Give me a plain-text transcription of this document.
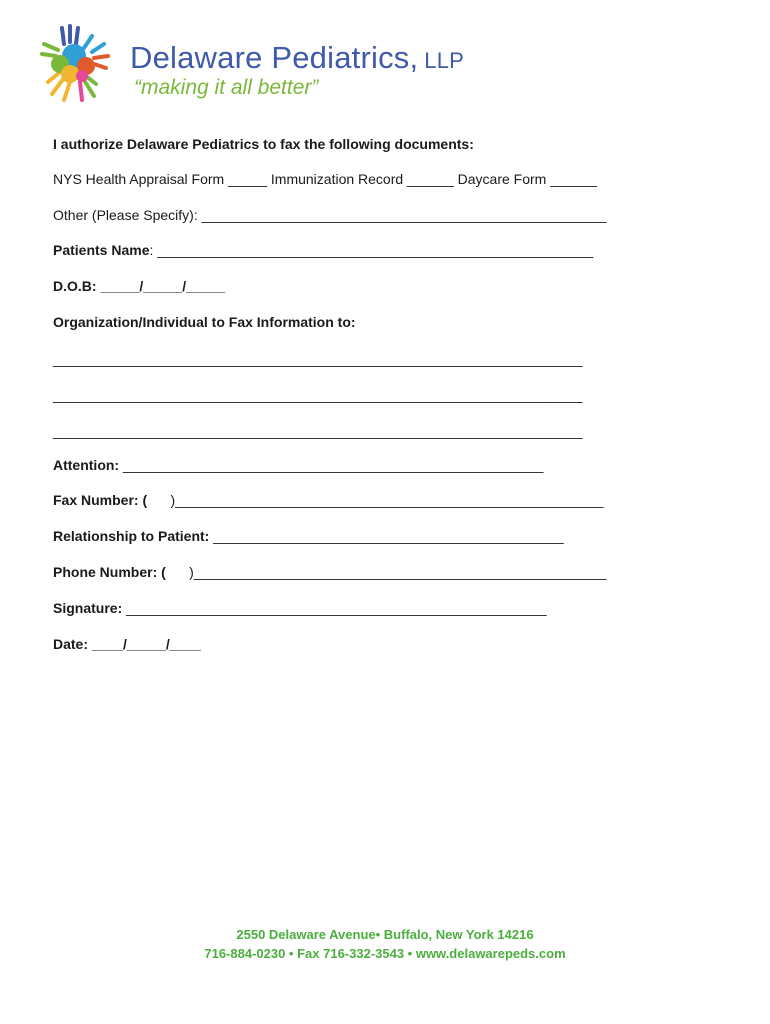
Delaware Pediatrics, LLP
“making it all better”
I authorize Delaware Pediatrics to fax the following documents:
NYS Health Appraisal Form _____ Immunization Record ______ Daycare Form ______
Other (Please Specify): ____________________________________________________
Patients Name: ________________________________________________________
D.O.B: _____/_____/_____
Organization/Individual to Fax Information to:
____________________________________________________________________
____________________________________________________________________
____________________________________________________________________
Attention: ______________________________________________________
Fax Number: (      )_______________________________________________________
Relationship to Patient: _____________________________________________
Phone Number: (      )_____________________________________________________
Signature: ______________________________________________________
Date: ____/_____/____
2550 Delaware Avenue• Buffalo, New York 14216
716-884-0230 • Fax 716-332-3543 • www.delawarepeds.com
